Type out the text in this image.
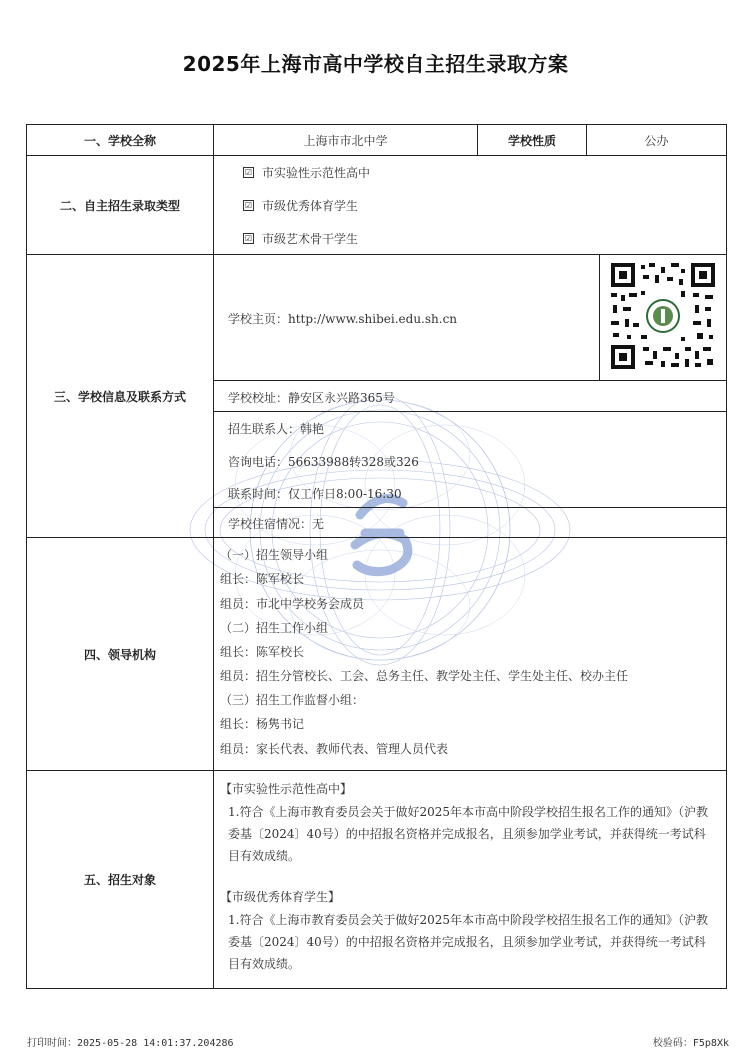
2025年上海市高中学校自主招生录取方案
一、学校全称	上海市市北中学	学校性质	公办
二、自主招生录取类型
☑ 市实验性示范性高中
☑ 市级优秀体育学生
☑ 市级艺术骨干学生
三、学校信息及联系方式
学校主页：http://www.shibei.edu.sh.cn
学校校址：静安区永兴路365号
招生联系人：韩艳
咨询电话：56633988转328或326
联系时间：仅工作日8:00-16:30
学校住宿情况：无
四、领导机构
（一）招生领导小组
组长：陈军校长
组员：市北中学校务会成员
（二）招生工作小组
组长：陈军校长
组员：招生分管校长、工会、总务主任、教学处主任、学生处主任、校办主任
（三）招生工作监督小组：
组长：杨隽书记
组员：家长代表、教师代表、管理人员代表
五、招生对象
【市实验性示范性高中】
1.符合《上海市教育委员会关于做好2025年本市高中阶段学校招生报名工作的通知》（沪教委基〔2024〕40号）的中招报名资格并完成报名，且须参加学业考试，并获得统一考试科目有效成绩。
【市级优秀体育学生】
1.符合《上海市教育委员会关于做好2025年本市高中阶段学校招生报名工作的通知》（沪教委基〔2024〕40号）的中招报名资格并完成报名，且须参加学业考试，并获得统一考试科目有效成绩。
打印时间：2025-05-28 14:01:37.204286	校验码：F5p8Xk
